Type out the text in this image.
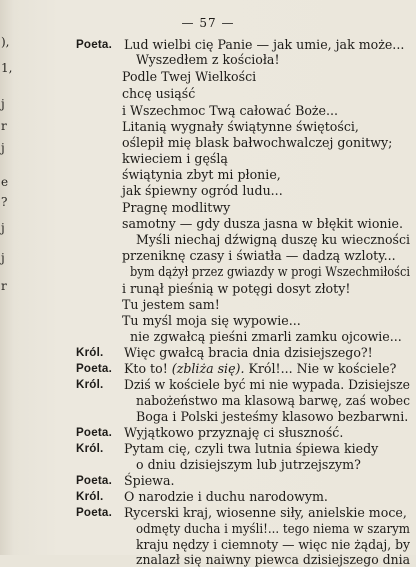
— 57 —
),
1,
j
r
j
e
?
j
j
r
Poeta. Lud wielbi cię Panie — jak umie, jak może...
Wyszedłem z kościoła!
Podle Twej Wielkości
chcę usiąść
i Wszechmoc Twą całować Boże...
Litanią wygnały świątynne świętości,
oślepił mię blask bałwochwalczej gonitwy;
kwieciem i gęślą
świątynia zbyt mi płonie,
jak śpiewny ogród ludu...
Pragnę modlitwy
samotny — gdy dusza jasna w błękit wionie.
Myśli niechaj dźwigną duszę ku wieczności
przeniknę czasy i światła — dadzą wzloty...
bym dążył przez gwiazdy w progi Wszechmiłości
i runął pieśnią w potęgi dosyt złoty!
Tu jestem sam!
Tu myśl moja się wypowie...
nie zgwałcą pieśni zmarli zamku ojcowie...
Król. Więc gwałcą bracia dnia dzisiejszego?!
Poeta. Kto to! (zbliża się). Król!... Nie w kościele?
Król. Dziś w kościele być mi nie wypada. Dzisiejsze
nabożeństwo ma klasową barwę, zaś wobec
Boga i Polski jesteśmy klasowo bezbarwni.
Poeta. Wyjątkowo przyznaję ci słuszność.
Król. Pytam cię, czyli twa lutnia śpiewa kiedy
o dniu dzisiejszym lub jutrzejszym?
Poeta. Śpiewa.
Król. O narodzie i duchu narodowym.
Poeta. Rycerski kraj, wiosenne siły, anielskie moce,
odmęty ducha i myśli!... tego niema w szarym
kraju nędzy i ciemnoty — więc nie żądaj, by
znalazł się naiwny piewca dzisiejszego dnia
